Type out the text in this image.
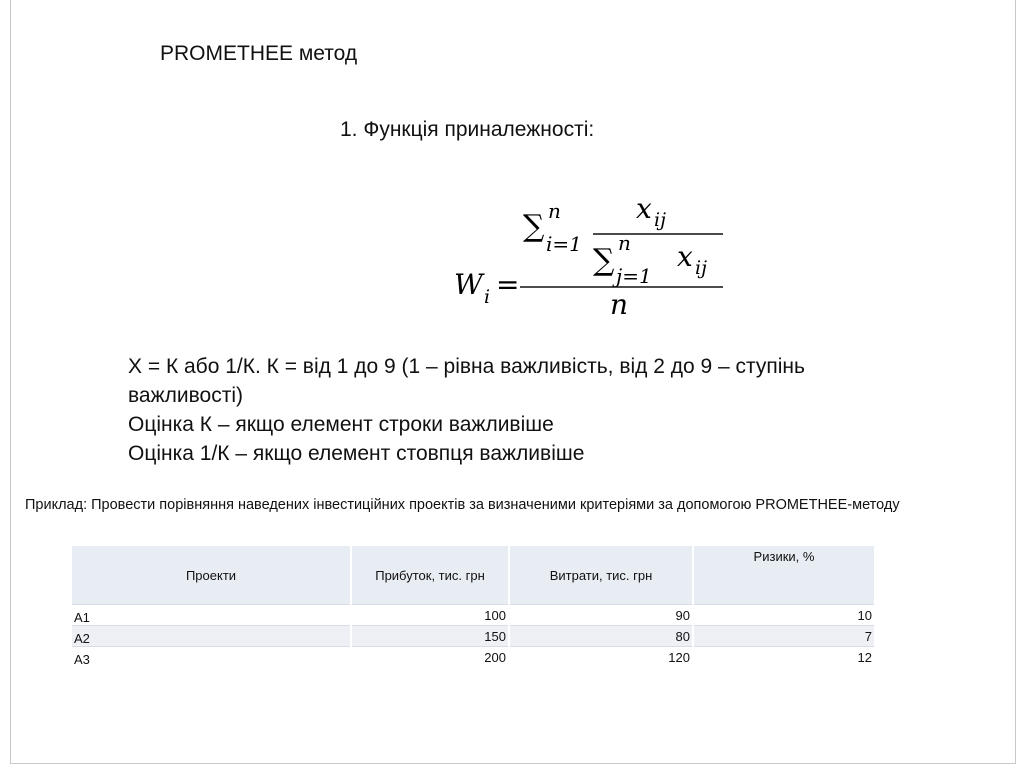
PROMETHEE метод
1. Функція приналежності:
∑ n
i=1
x ij
∑ n
j=1
x ij
W i =
n
X = К або 1/К. К = від 1 до 9 (1 – рівна важливість, від 2 до 9 – ступінь
важливості)
Оцінка К – якщо елемент строки важливіше
Оцінка 1/К – якщо елемент стовпця важливіше
Приклад: Провести порівняння наведених інвестиційних проектів за визначеними критеріями за допомогою PROMETHEE-методу
Проекти	Прибуток, тис. грн	Витрати, тис. грн	Ризики, %
А1	100	90	10
А2	150	80	7
А3	200	120	12
